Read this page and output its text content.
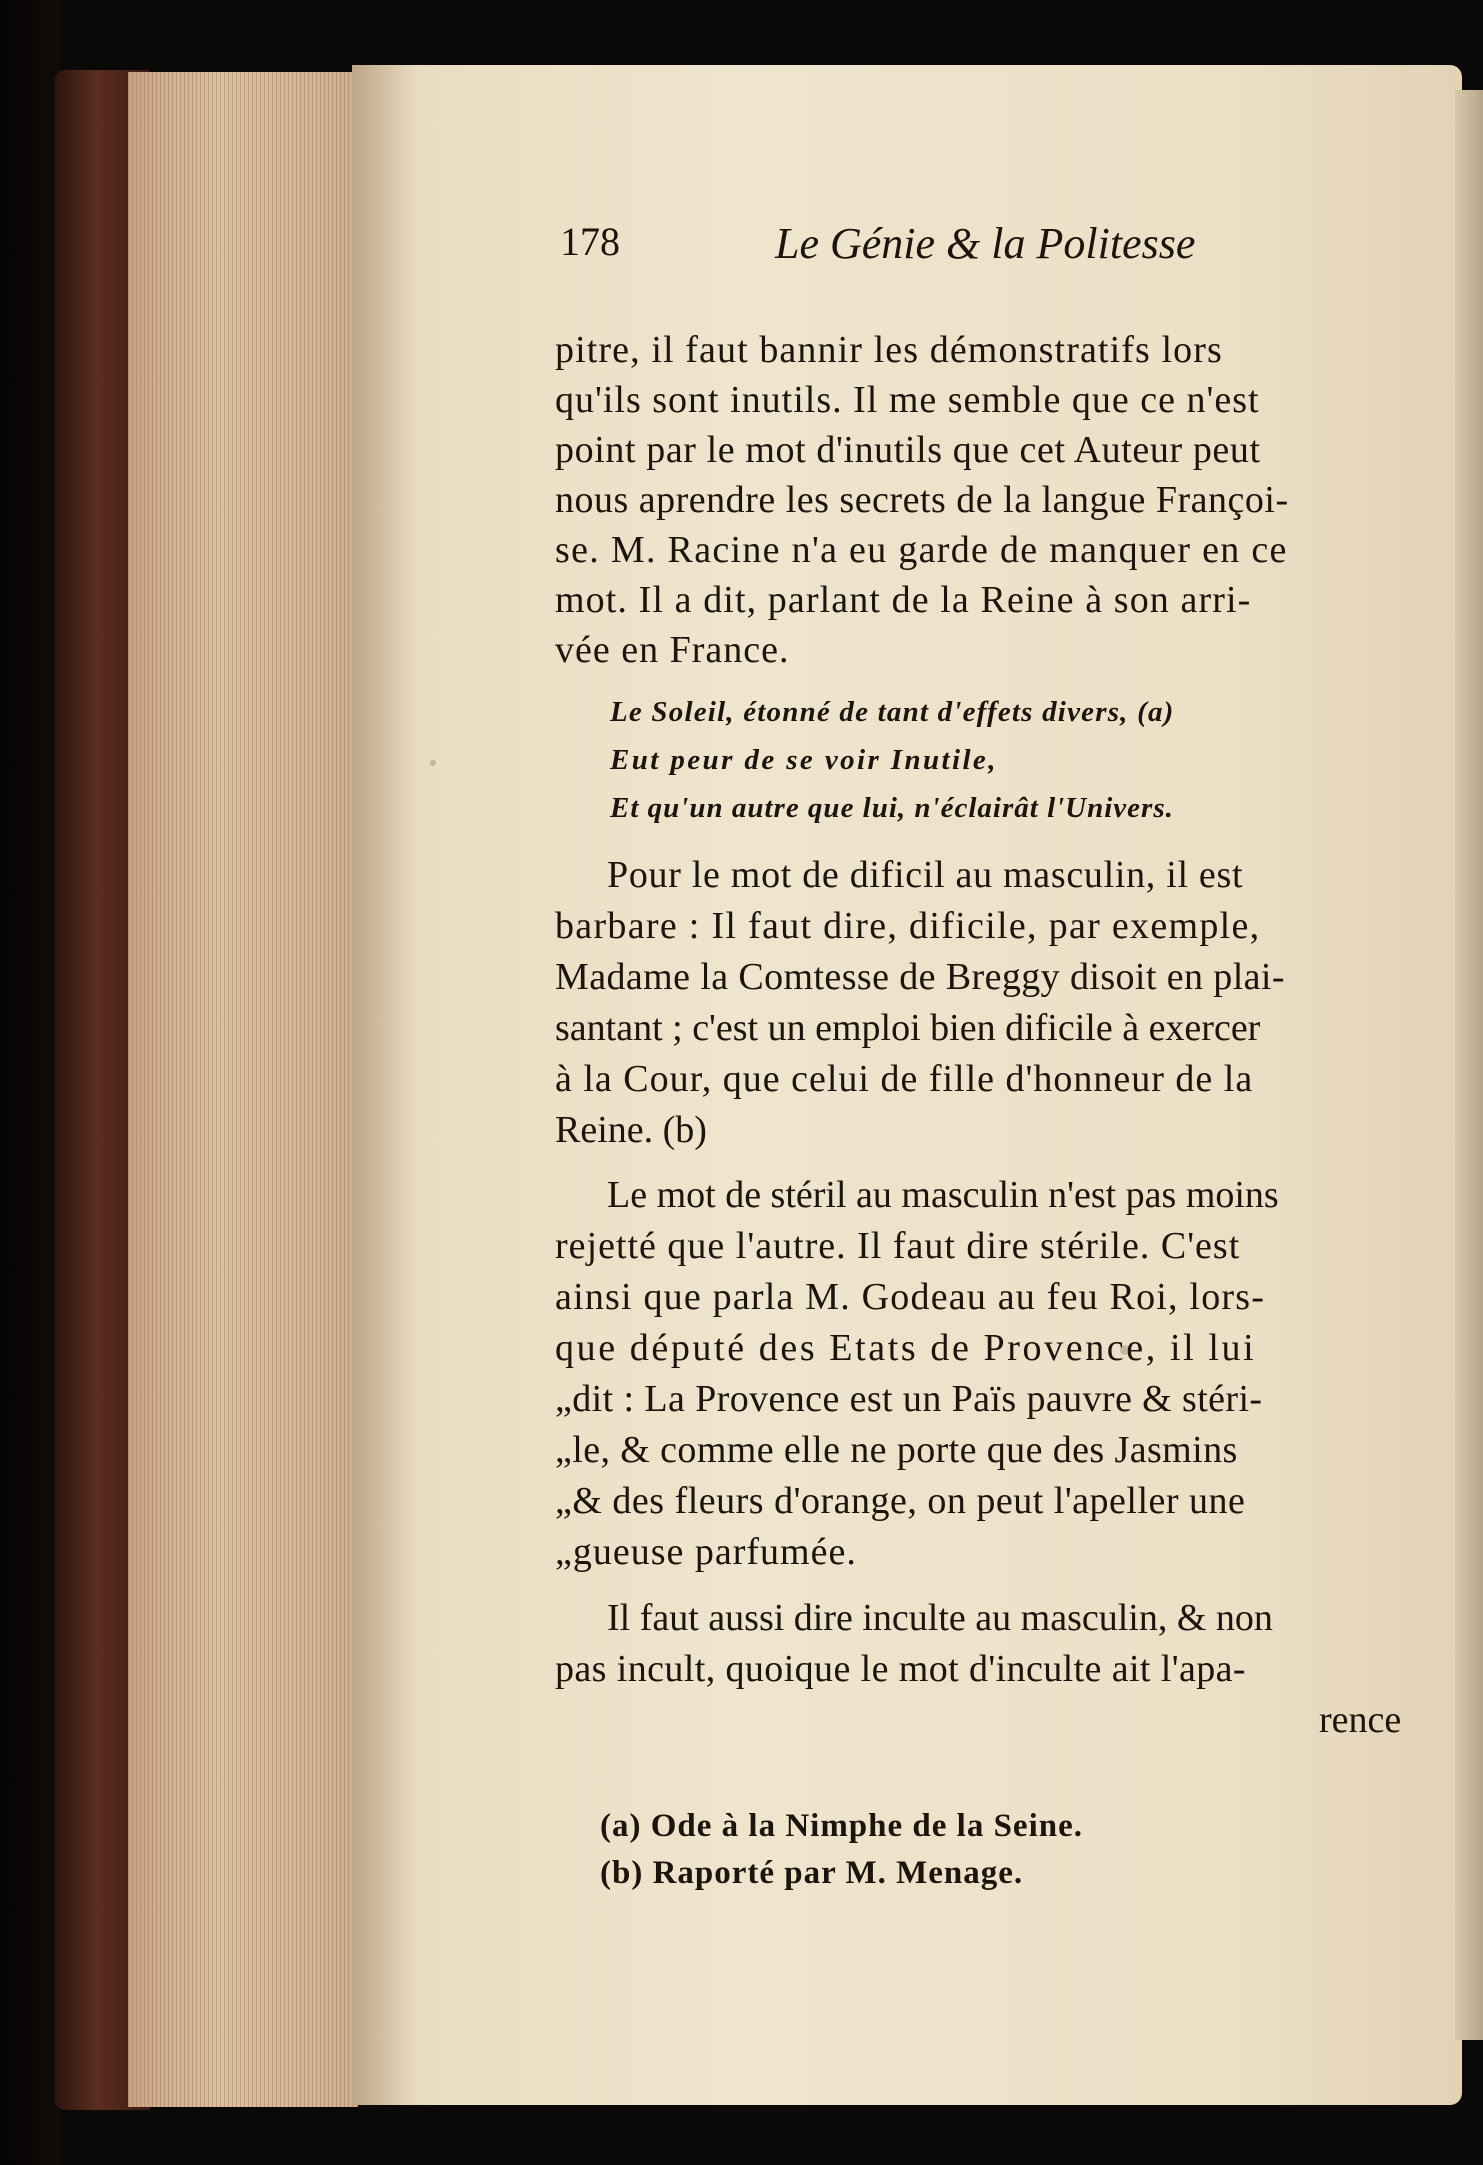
178	Le Génie & la Politesse
pitre, il faut bannir les démonstratifs lors
qu'ils sont inutils. Il me semble que ce n'est
point par le mot d'inutils que cet Auteur peut
nous aprendre les secrets de la langue Françoi-
se. M. Racine n'a eu garde de manquer en ce
mot. Il a dit, parlant de la Reine à son arri-
vée en France.
Le Soleil, étonné de tant d'effets divers, (a)
Eut peur de se voir Inutile,
Et qu'un autre que lui, n'éclairât l'Univers.
Pour le mot de dificil au masculin, il est
barbare : Il faut dire, dificile, par exemple,
Madame la Comtesse de Breggy disoit en plai-
santant ; c'est un emploi bien dificile à exercer
à la Cour, que celui de fille d'honneur de la
Reine. (b)
Le mot de stéril au masculin n'est pas moins
rejetté que l'autre. Il faut dire stérile. C'est
ainsi que parla M. Godeau au feu Roi, lors-
que député des Etats de Provence, il lui
„dit : La Provence est un Païs pauvre & stéri-
„le, & comme elle ne porte que des Jasmins
„& des fleurs d'orange, on peut l'apeller une
„gueuse parfumée.
Il faut aussi dire inculte au masculin, & non
pas incult, quoique le mot d'inculte ait l'apa-
rence
(a) Ode à la Nimphe de la Seine.
(b) Raporté par M. Menage.
